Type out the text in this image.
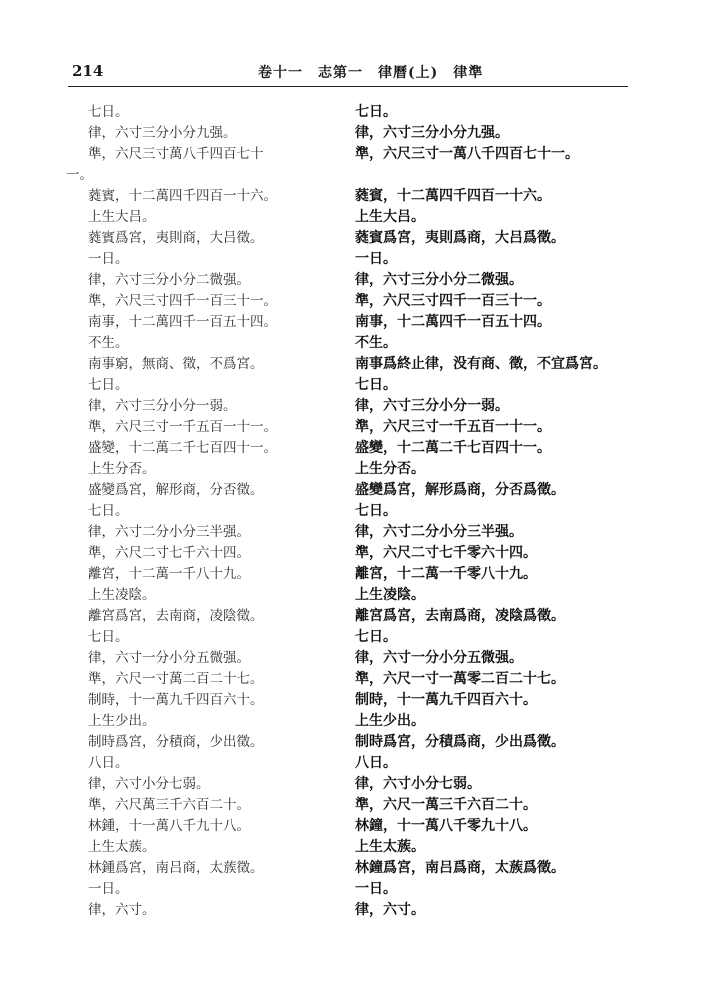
214	卷十一　志第一　律曆(上)　律準
七日。
律，六寸三分小分九强。
準，六尺三寸萬八千四百七十
一。
蕤賓，十二萬四千四百一十六。
上生大吕。
蕤賓爲宮，夷則商，大吕徵。
一日。
律，六寸三分小分二微强。
準，六尺三寸四千一百三十一。
南事，十二萬四千一百五十四。
不生。
南事窮，無商、徵，不爲宮。
七日。
律，六寸三分小分一弱。
準，六尺三寸一千五百一十一。
盛變，十二萬二千七百四十一。
上生分否。
盛變爲宮，解形商，分否徵。
七日。
律，六寸二分小分三半强。
準，六尺二寸七千六十四。
離宮，十二萬一千八十九。
上生凌陰。
離宮爲宮，去南商，凌陰徵。
七日。
律，六寸一分小分五微强。
準，六尺一寸萬二百二十七。
制時，十一萬九千四百六十。
上生少出。
制時爲宮，分積商，少出徵。
八日。
律，六寸小分七弱。
準，六尺萬三千六百二十。
林鍾，十一萬八千九十八。
上生太蔟。
林鍾爲宮，南吕商，太蔟徵。
一日。
律，六寸。
七日。
律，六寸三分小分九强。
準，六尺三寸一萬八千四百七十一。
蕤賓，十二萬四千四百一十六。
上生大吕。
蕤賓爲宮，夷則爲商，大吕爲徵。
一日。
律，六寸三分小分二微强。
準，六尺三寸四千一百三十一。
南事，十二萬四千一百五十四。
不生。
南事爲終止律，没有商、徵，不宜爲宮。
七日。
律，六寸三分小分一弱。
準，六尺三寸一千五百一十一。
盛變，十二萬二千七百四十一。
上生分否。
盛變爲宮，解形爲商，分否爲徵。
七日。
律，六寸二分小分三半强。
準，六尺二寸七千零六十四。
離宮，十二萬一千零八十九。
上生凌陰。
離宮爲宮，去南爲商，凌陰爲徵。
七日。
律，六寸一分小分五微强。
準，六尺一寸一萬零二百二十七。
制時，十一萬九千四百六十。
上生少出。
制時爲宮，分積爲商，少出爲徵。
八日。
律，六寸小分七弱。
準，六尺一萬三千六百二十。
林鐘，十一萬八千零九十八。
上生太蔟。
林鐘爲宮，南吕爲商，太蔟爲徵。
一日。
律，六寸。
